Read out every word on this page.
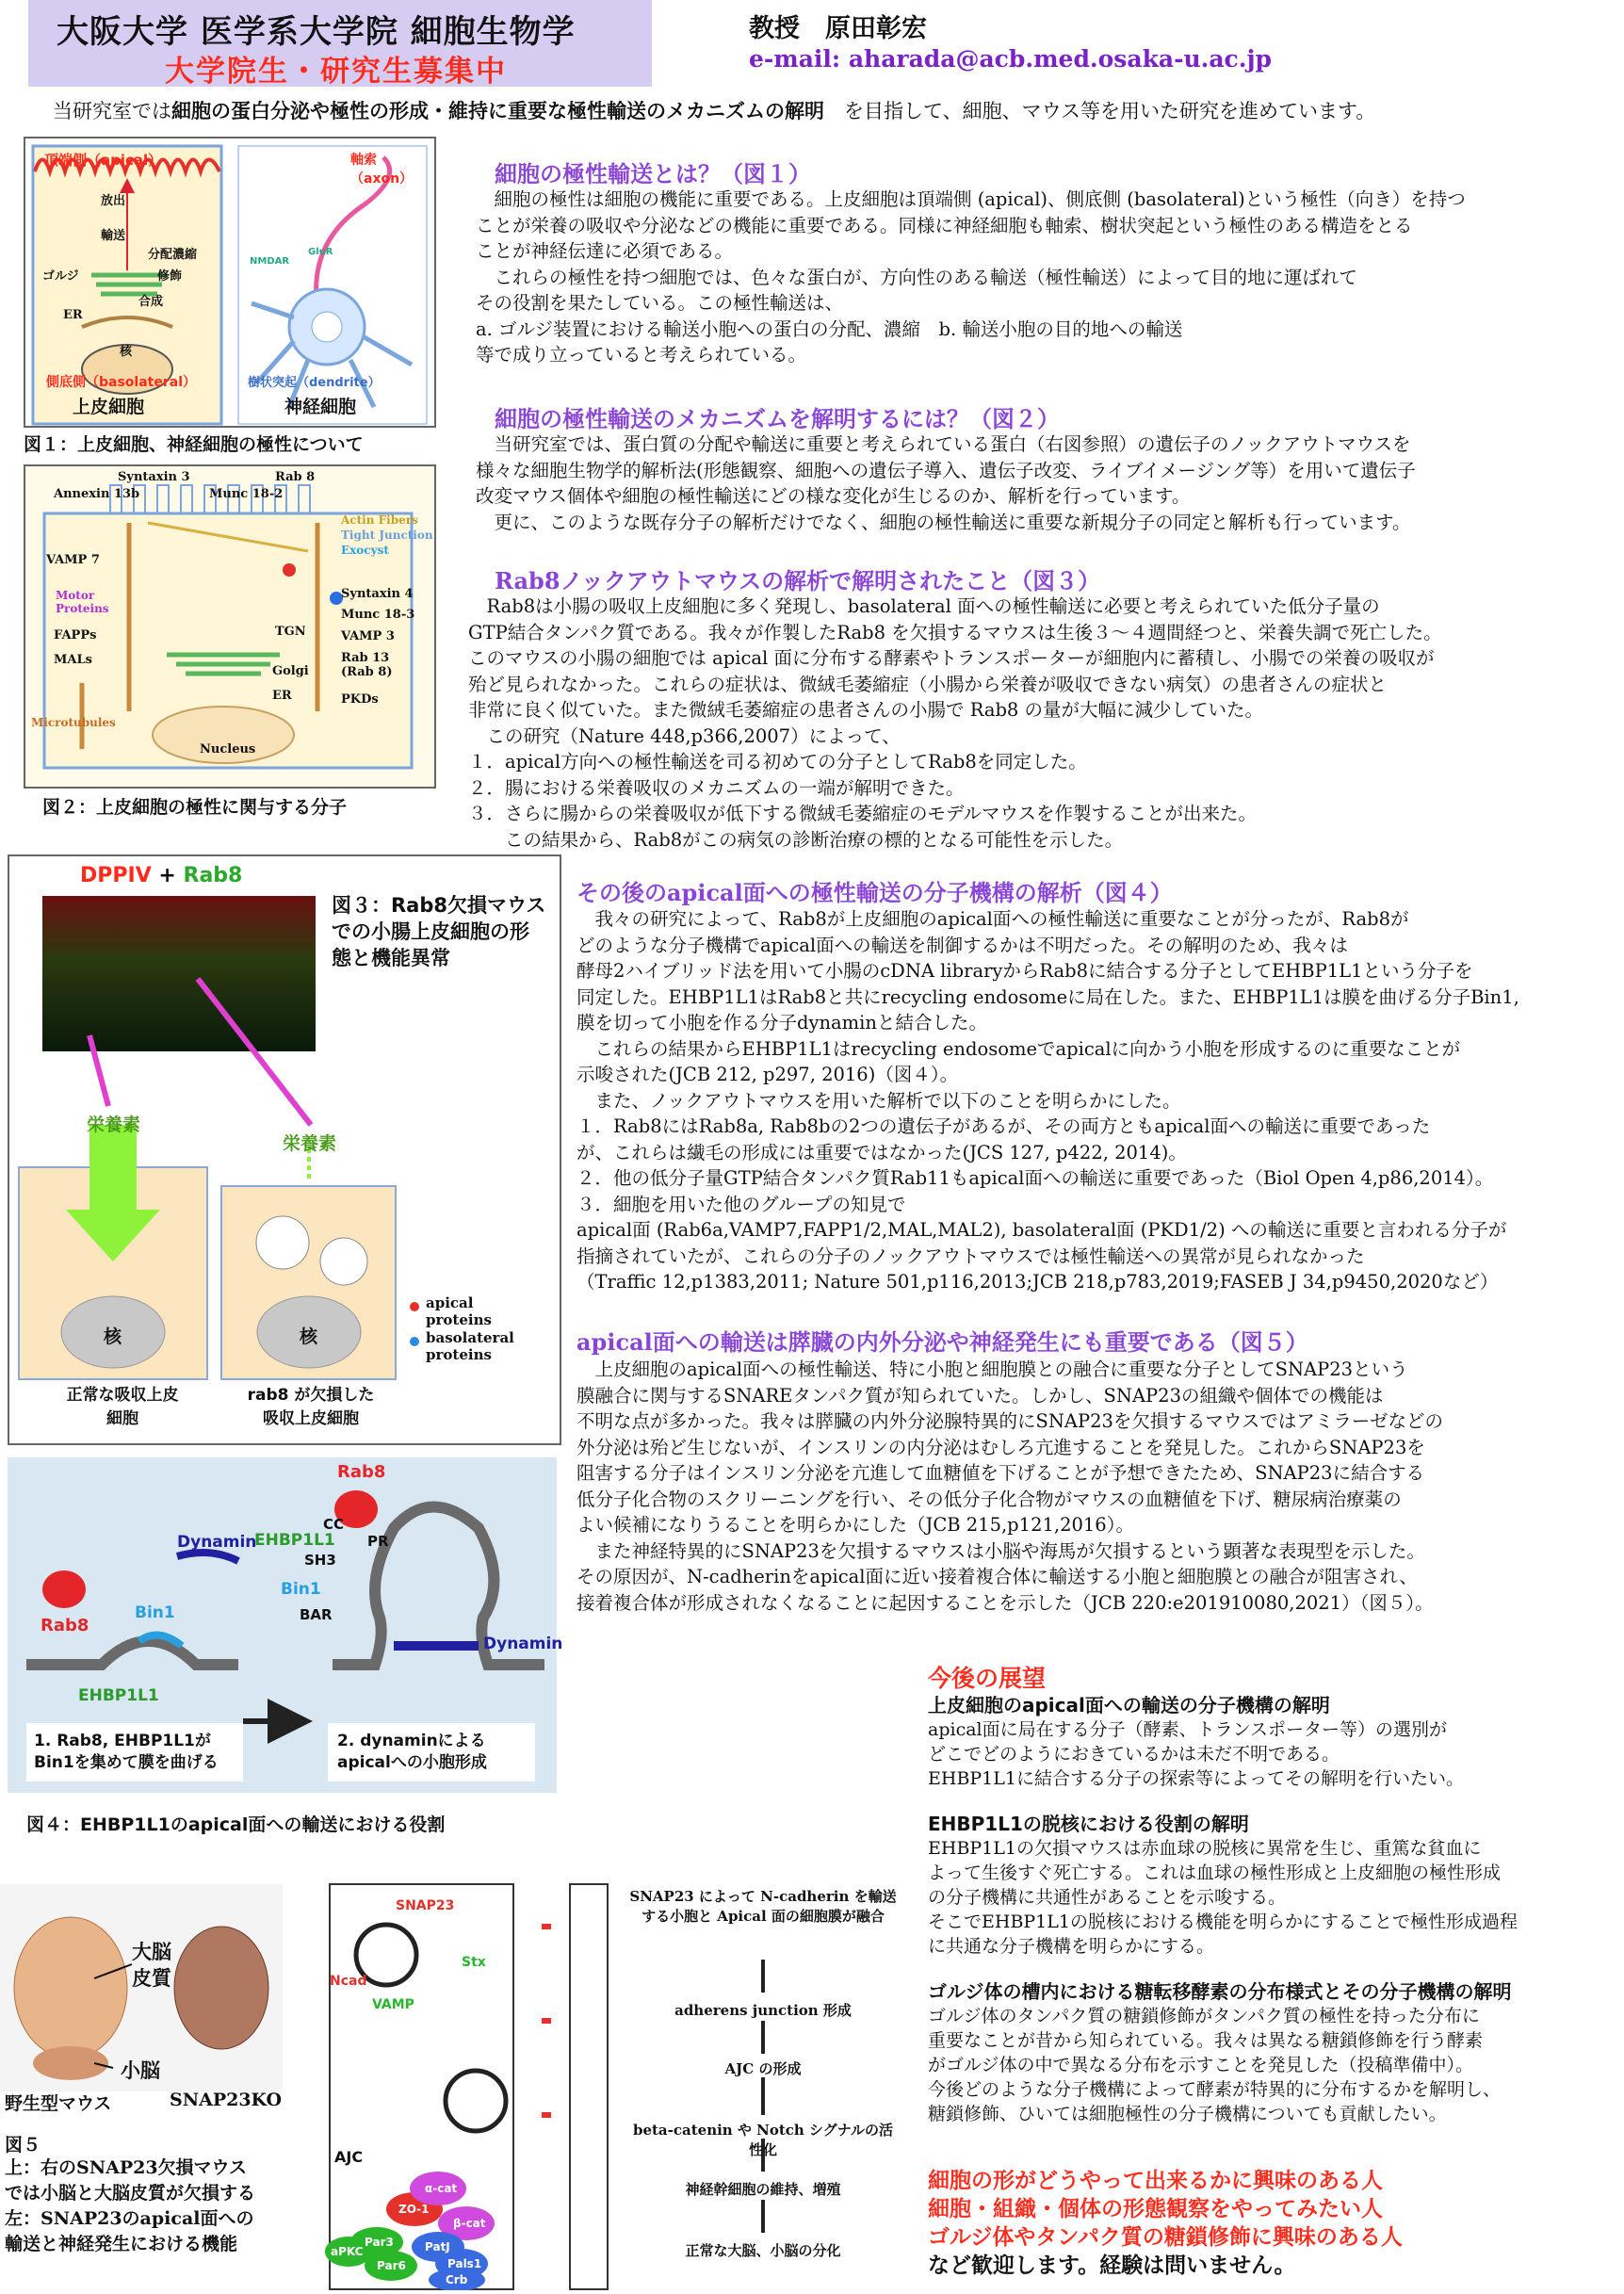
大阪大学 医学系大学院 細胞生物学
大学院生・研究生募集中
教授　原田彰宏
e-mail: aharada@acb.med.osaka-u.ac.jp
当研究室では細胞の蛋白分泌や極性の形成・維持に重要な極性輸送のメカニズムの解明　を目指して、細胞、マウス等を用いた研究を進めています。
頂端側（apical）
側底側（basolateral）
軸索（axon）
樹状突起（dendrite）
放出
輸送
分配濃縮
修飾
合成
ゴルジ
ER
核
GluR
NMDAR
上皮細胞	神経細胞
図１：上皮細胞、神経細胞の極性について
Syntaxin 3	Rab 8
Annexin 13b	Munc 18-2
Actin Fibers
Tight Junction
Exocyst
VAMP 7
Motor Proteins
Syntaxin 4
Munc 18-3
FAPPs
MALs
TGN	VAMP 3
Golgi
Rab 13 (Rab 8)
ER	PKDs
Microtubules
Nucleus
図２：上皮細胞の極性に関与する分子
細胞の極性輸送とは？（図１）

　細胞の極性は細胞の機能に重要である。上皮細胞は頂端側 (apical)、側底側 (basolateral)という極性（向き）を持つ

ことが栄養の吸収や分泌などの機能に重要である。同様に神経細胞も軸索、樹状突起という極性のある構造をとる

ことが神経伝達に必須である。

　これらの極性を持つ細胞では、色々な蛋白が、方向性のある輸送（極性輸送）によって目的地に運ばれて

その役割を果たしている。この極性輸送は、

a. ゴルジ装置における輸送小胞への蛋白の分配、濃縮　b. 輸送小胞の目的地への輸送

等で成り立っていると考えられている。

細胞の極性輸送のメカニズムを解明するには？（図２）

　当研究室では、蛋白質の分配や輸送に重要と考えられている蛋白（右図参照）の遺伝子のノックアウトマウスを

様々な細胞生物学的解析法(形態観察、細胞への遺伝子導入、遺伝子改変、ライブイメージング等）を用いて遺伝子

改変マウス個体や細胞の極性輸送にどの様な変化が生じるのか、解析を行っています。

　更に、このような既存分子の解析だけでなく、細胞の極性輸送に重要な新規分子の同定と解析も行っています。

Rab8ノックアウトマウスの解析で解明されたこと（図３）

　Rab8は小腸の吸収上皮細胞に多く発現し、basolateral 面への極性輸送に必要と考えられていた低分子量の

GTP結合タンパク質である。我々が作製したRab8 を欠損するマウスは生後３～４週間経つと、栄養失調で死亡した。

このマウスの小腸の細胞では apical 面に分布する酵素やトランスポーターが細胞内に蓄積し、小腸での栄養の吸収が

殆ど見られなかった。これらの症状は、微絨毛萎縮症（小腸から栄養が吸収できない病気）の患者さんの症状と

非常に良く似ていた。また微絨毛萎縮症の患者さんの小腸で Rab8 の量が大幅に減少していた。

　この研究（Nature 448,p366,2007）によって、

１．apical方向への極性輸送を司る初めての分子としてRab8を同定した。

２．腸における栄養吸収のメカニズムの一端が解明できた。

３．さらに腸からの栄養吸収が低下する微絨毛萎縮症のモデルマウスを作製することが出来た。

　　この結果から、Rab8がこの病気の診断治療の標的となる可能性を示した。

DPPIV + Rab8
図３：Rab8欠損マウスでの小腸上皮細胞の形態と機能異常
栄養素
栄養素
核	核
正常な吸収上皮細胞
rab8 が欠損した吸収上皮細胞
apical proteins
basolateral proteins
Rab8
Rab8
EHBP1L1
EHBP1L1
Bin1
Bin1
Dynamin
Dynamin
CC
PR
SH3
BAR
1. Rab8, EHBP1L1がBin1を集めて膜を曲げる
2. dynaminによるapicalへの小胞形成
図４：EHBP1L1のapical面への輸送における役割
その後のapical面への極性輸送の分子機構の解析（図４）

　我々の研究によって、Rab8が上皮細胞のapical面への極性輸送に重要なことが分ったが、Rab8が

どのような分子機構でapical面への輸送を制御するかは不明だった。その解明のため、我々は

酵母2ハイブリッド法を用いて小腸のcDNA libraryからRab8に結合する分子としてEHBP1L1という分子を

同定した。EHBP1L1はRab8と共にrecycling endosomeに局在した。また、EHBP1L1は膜を曲げる分子Bin1,

膜を切って小胞を作る分子dynaminと結合した。

　これらの結果からEHBP1L1はrecycling endosomeでapicalに向かう小胞を形成するのに重要なことが

示唆された(JCB 212, p297, 2016)（図４）。

　また、ノックアウトマウスを用いた解析で以下のことを明らかにした。

１．Rab8にはRab8a, Rab8bの2つの遺伝子があるが、その両方ともapical面への輸送に重要であった

が、これらは繊毛の形成には重要ではなかった(JCS 127, p422, 2014)。

２．他の低分子量GTP結合タンパク質Rab11もapical面への輸送に重要であった（Biol Open 4,p86,2014）。

３．細胞を用いた他のグループの知見で

apical面 (Rab6a,VAMP7,FAPP1/2,MAL,MAL2), basolateral面 (PKD1/2) への輸送に重要と言われる分子が

指摘されていたが、これらの分子のノックアウトマウスでは極性輸送への異常が見られなかった

（Traffic 12,p1383,2011; Nature 501,p116,2013;JCB 218,p783,2019;FASEB J 34,p9450,2020など）

apical面への輸送は膵臓の内外分泌や神経発生にも重要である（図５）

　上皮細胞のapical面への極性輸送、特に小胞と細胞膜との融合に重要な分子としてSNAP23という

膜融合に関与するSNAREタンパク質が知られていた。しかし、SNAP23の組織や個体での機能は

不明な点が多かった。我々は膵臓の内外分泌腺特異的にSNAP23を欠損するマウスではアミラーゼなどの

外分泌は殆ど生じないが、インスリンの内分泌はむしろ亢進することを発見した。これからSNAP23を

阻害する分子はインスリン分泌を亢進して血糖値を下げることが予想できたため、SNAP23に結合する

低分子化合物のスクリーニングを行い、その低分子化合物がマウスの血糖値を下げ、糖尿病治療薬の

よい候補になりうることを明らかにした（JCB 215,p121,2016）。

　また神経特異的にSNAP23を欠損するマウスは小脳や海馬が欠損するという顕著な表現型を示した。

その原因が、N-cadherinをapical面に近い接着複合体に輸送する小胞と細胞膜との融合が阻害され、

接着複合体が形成されなくなることに起因することを示した（JCB 220:e201910080,2021）（図５）。

大脳皮質
小脳
野生型マウス	SNAP23KO
図５
上：右のSNAP23欠損マウス
では小脳と大脳皮質が欠損する
左：SNAP23のapical面への
輸送と神経発生における機能
SNAP23
Stx
Ncad
VAMP
AJC
ZO-1
α-cat
β-cat
Par3	PatJ
aPKC
Par6	Pals1
Crb
SNAP23 によって N-cadherin を輸送する小胞と Apical 面の細胞膜が融合
adherens junction 形成
AJC の形成
beta-catenin や Notch シグナルの活性化
神経幹細胞の維持、増殖
正常な大脳、小脳の分化
今後の展望
上皮細胞のapical面への輸送の分子機構の解明

apical面に局在する分子（酵素、トランスポーター等）の選別が

どこでどのようにおきているかは未だ不明である。

EHBP1L1に結合する分子の探索等によってその解明を行いたい。

EHBP1L1の脱核における役割の解明

EHBP1L1の欠損マウスは赤血球の脱核に異常を生じ、重篤な貧血に

よって生後すぐ死亡する。これは血球の極性形成と上皮細胞の極性形成

の分子機構に共通性があることを示唆する。

そこでEHBP1L1の脱核における機能を明らかにすることで極性形成過程

に共通な分子機構を明らかにする。

ゴルジ体の槽内における糖転移酵素の分布様式とその分子機構の解明

ゴルジ体のタンパク質の糖鎖修飾がタンパク質の極性を持った分布に

重要なことが昔から知られている。我々は異なる糖鎖修飾を行う酵素

がゴルジ体の中で異なる分布を示すことを発見した（投稿準備中）。

今後どのような分子機構によって酵素が特異的に分布するかを解明し、

糖鎖修飾、ひいては細胞極性の分子機構についても貢献したい。

細胞の形がどうやって出来るかに興味のある人
細胞・組織・個体の形態観察をやってみたい人
ゴルジ体やタンパク質の糖鎖修飾に興味のある人
など歓迎します。経験は問いません。
